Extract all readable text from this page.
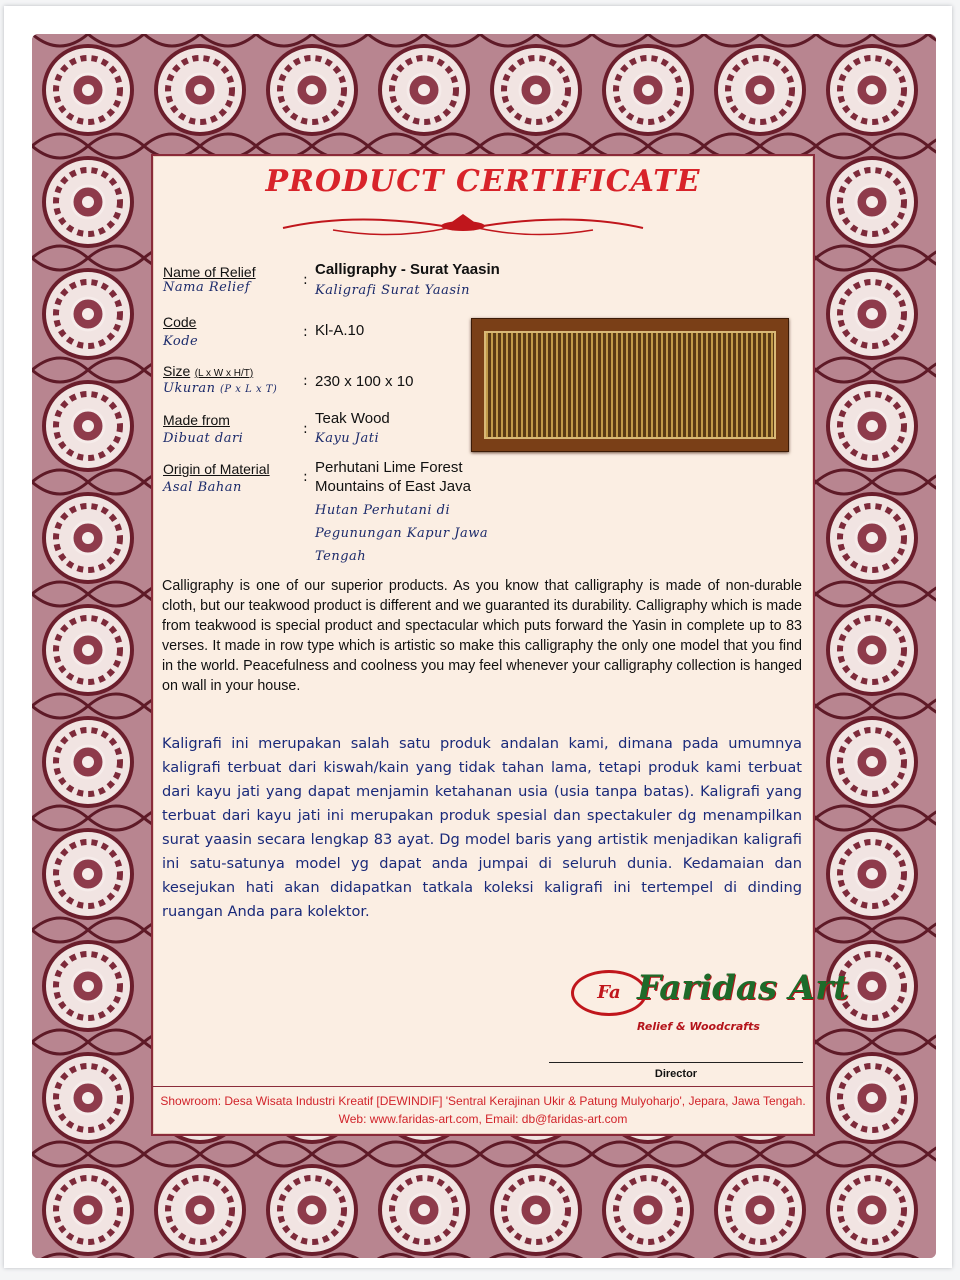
PRODUCT CERTIFICATE
Name of Relief
Nama Relief	:
Calligraphy - Surat Yaasin
Kaligrafi Surat Yaasin
Code
Kode
: Kl-A.10
Size (L x W x H/T)
Ukuran (P x L x T)
: 230 x 100 x 10
Made from
Dibuat dari
:
Teak Wood
Kayu Jati
Origin of Material
Asal Bahan
:
Perhutani Lime Forest
Mountains of East Java
Hutan Perhutani di
Pegunungan Kapur Jawa
Tengah
Calligraphy is one of our superior products. As you know that calligraphy is made of non-durable cloth, but our teakwood product is different and we guaranted its durability. Calligraphy which is made from teakwood is special product and spectacular which puts forward the Yasin in complete up to 83 verses. It made in row type which is artistic so make this calligraphy the only one model that you find in the world. Peacefulness and coolness you may feel whenever your calligraphy collection is hanged on wall in your house.
Kaligrafi ini merupakan salah satu produk andalan kami, dimana pada umumnya kaligrafi terbuat dari kiswah/kain yang tidak tahan lama, tetapi produk kami terbuat dari kayu jati yang dapat menjamin ketahanan usia (usia tanpa batas). Kaligrafi yang terbuat dari kayu jati ini merupakan produk spesial dan spectakuler dg menampilkan surat yaasin secara lengkap 83 ayat. Dg model baris yang artistik menjadikan kaligrafi ini satu-satunya model yg dapat anda jumpai di seluruh dunia. Kedamaian dan kesejukan hati akan didapatkan tatkala koleksi kaligrafi ini tertempel di dinding ruangan Anda para kolektor.
Fa Faridas Art
Relief & Woodcrafts
Director
Showroom: Desa Wisata Industri Kreatif [DEWINDIF] 'Sentral Kerajinan Ukir & Patung Mulyoharjo', Jepara, Jawa Tengah.
Web: www.faridas-art.com, Email: db@faridas-art.com
